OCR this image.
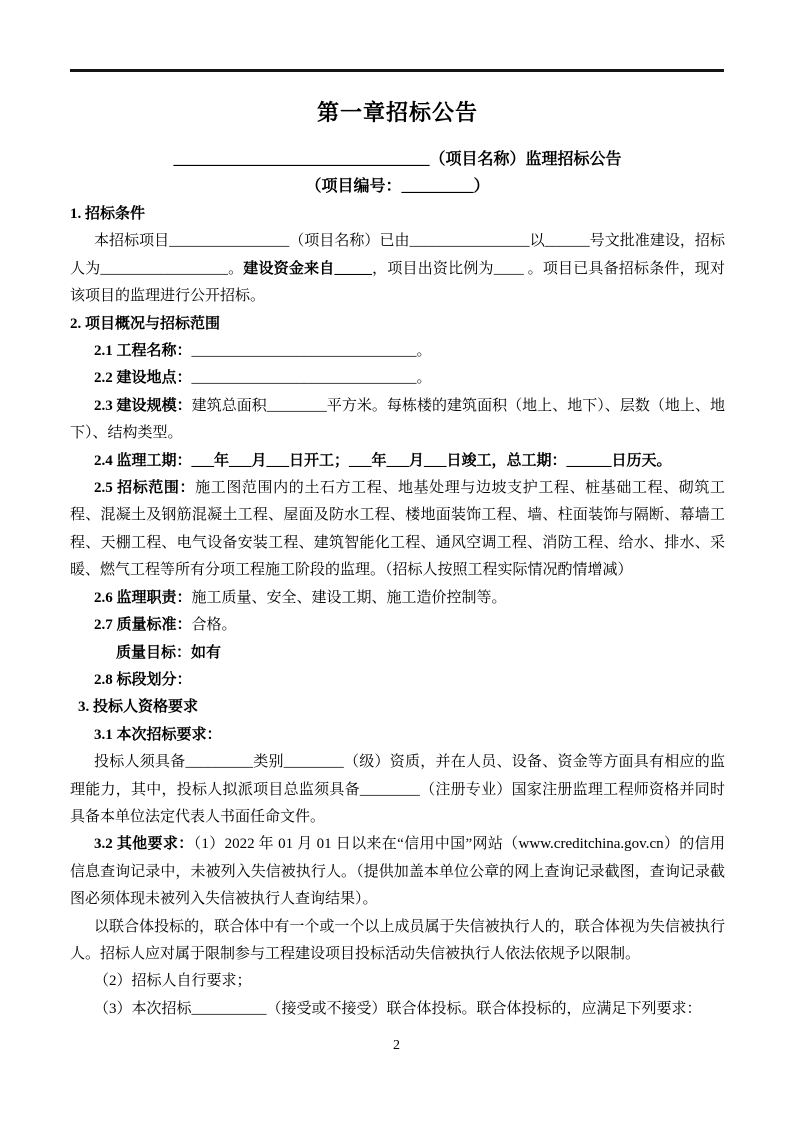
第一章招标公告
________________________________（项目名称）监理招标公告
（项目编号：_________）
1. 招标条件
本招标项目________________（项目名称）已由________________以______号文批准建设，招标人为_________________。建设资金来自_____，项目出资比例为____ 。项目已具备招标条件，现对该项目的监理进行公开招标。
2. 项目概况与招标范围
2.1 工程名称：______________________________。
2.2 建设地点：______________________________。
2.3 建设规模：建筑总面积________平方米。每栋楼的建筑面积（地上、地下）、层数（地上、地下）、结构类型。
2.4 监理工期：___年___月___日开工；___年___月___日竣工，总工期：______日历天。
2.5 招标范围：施工图范围内的土石方工程、地基处理与边坡支护工程、桩基础工程、砌筑工程、混凝土及钢筋混凝土工程、屋面及防水工程、楼地面装饰工程、墙、柱面装饰与隔断、幕墙工程、天棚工程、电气设备安装工程、建筑智能化工程、通风空调工程、消防工程、给水、排水、采暖、燃气工程等所有分项工程施工阶段的监理。（招标人按照工程实际情况酌情增减）
2.6 监理职责：施工质量、安全、建设工期、施工造价控制等。
2.7 质量标准：合格。
质量目标：如有
2.8 标段划分：
3. 投标人资格要求
3.1 本次招标要求：
投标人须具备_________类别________（级）资质，并在人员、设备、资金等方面具有相应的监理能力，其中，投标人拟派项目总监须具备________（注册专业）国家注册监理工程师资格并同时具备本单位法定代表人书面任命文件。
3.2 其他要求：（1）2022 年 01 月 01 日以来在“信用中国”网站（www.creditchina.gov.cn）的信用信息查询记录中，未被列入失信被执行人。（提供加盖本单位公章的网上查询记录截图，查询记录截图必须体现未被列入失信被执行人查询结果）。
以联合体投标的，联合体中有一个或一个以上成员属于失信被执行人的，联合体视为失信被执行人。招标人应对属于限制参与工程建设项目投标活动失信被执行人依法依规予以限制。
（2）招标人自行要求；
（3）本次招标__________（接受或不接受）联合体投标。联合体投标的，应满足下列要求：
2
